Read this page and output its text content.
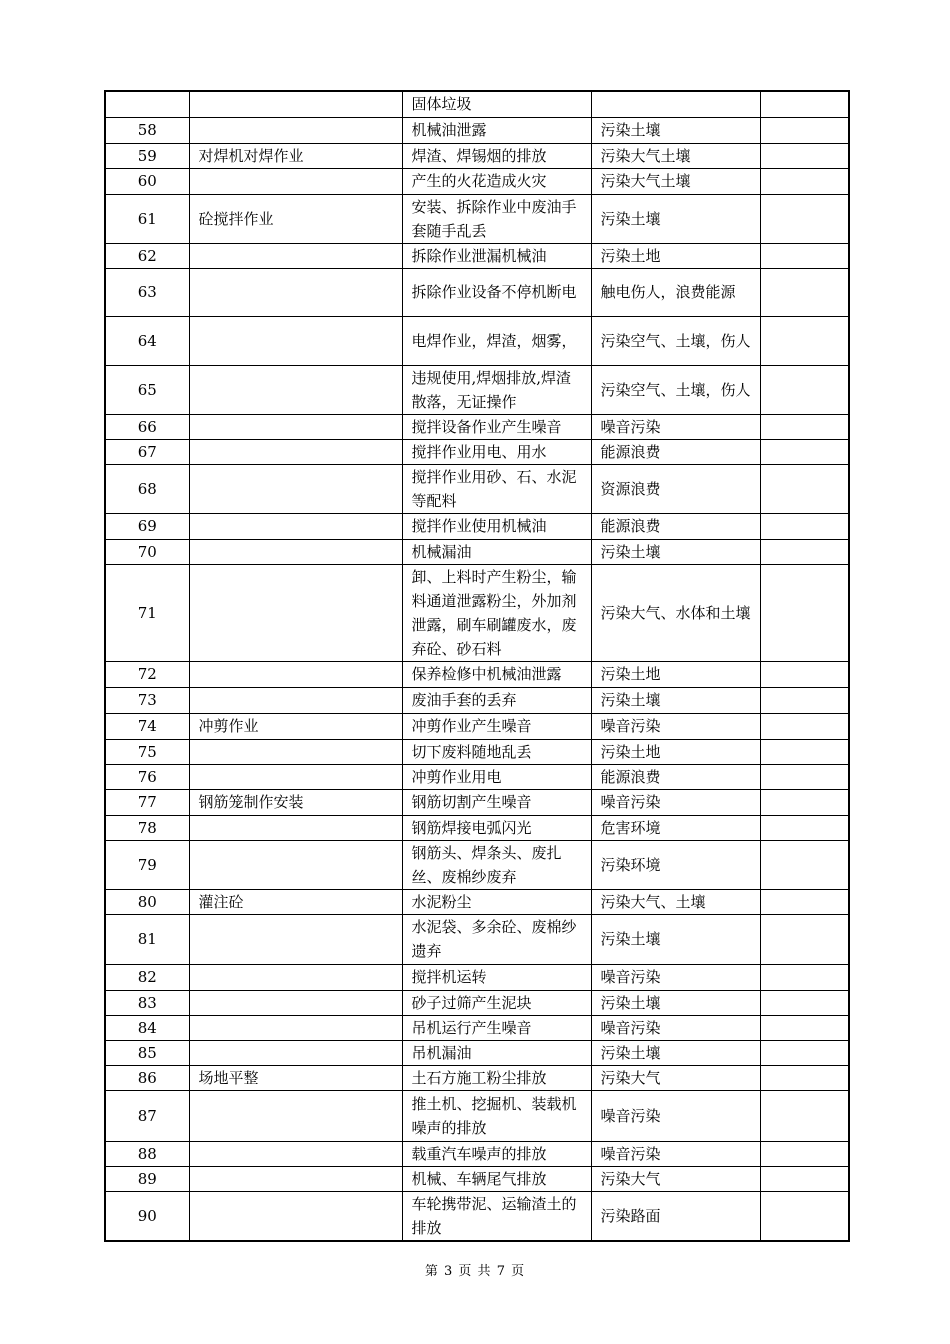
		固体垃圾		
58		机械油泄露	污染土壤	
59	对焊机对焊作业	焊渣、焊锡烟的排放	污染大气土壤	
60		产生的火花造成火灾	污染大气土壤	
61	砼搅拌作业	安装、拆除作业中废油手套随手乱丢	污染土壤	
62		拆除作业泄漏机械油	污染土地	
63		拆除作业设备不停机断电	触电伤人，浪费能源	
64		电焊作业，焊渣，烟雾，	污染空气、土壤，伤人	
65		违规使用,焊烟排放,焊渣散落，无证操作	污染空气、土壤，伤人	
66		搅拌设备作业产生噪音	噪音污染	
67		搅拌作业用电、用水	能源浪费	
68		搅拌作业用砂、石、水泥等配料	资源浪费	
69		搅拌作业使用机械油	能源浪费	
70		机械漏油	污染土壤	
71		卸、上料时产生粉尘，输料通道泄露粉尘，外加剂泄露，刷车刷罐废水，废弃砼、砂石料	污染大气、水体和土壤	
72		保养检修中机械油泄露	污染土地	
73		废油手套的丢弃	污染土壤	
74	冲剪作业	冲剪作业产生噪音	噪音污染	
75		切下废料随地乱丢	污染土地	
76		冲剪作业用电	能源浪费	
77	钢筋笼制作安装	钢筋切割产生噪音	噪音污染	
78		钢筋焊接电弧闪光	危害环境	
79		钢筋头、焊条头、废扎丝、废棉纱废弃	污染环境	
80	灌注砼	水泥粉尘	污染大气、土壤	
81		水泥袋、多余砼、废棉纱遗弃	污染土壤	
82		搅拌机运转	噪音污染	
83		砂子过筛产生泥块	污染土壤	
84		吊机运行产生噪音	噪音污染	
85		吊机漏油	污染土壤	
86	场地平整	土石方施工粉尘排放	污染大气	
87		推土机、挖掘机、装载机噪声的排放	噪音污染	
88		载重汽车噪声的排放	噪音污染	
89		机械、车辆尾气排放	污染大气	
90		车轮携带泥、运输渣土的排放	污染路面	
第 3 页 共 7 页
